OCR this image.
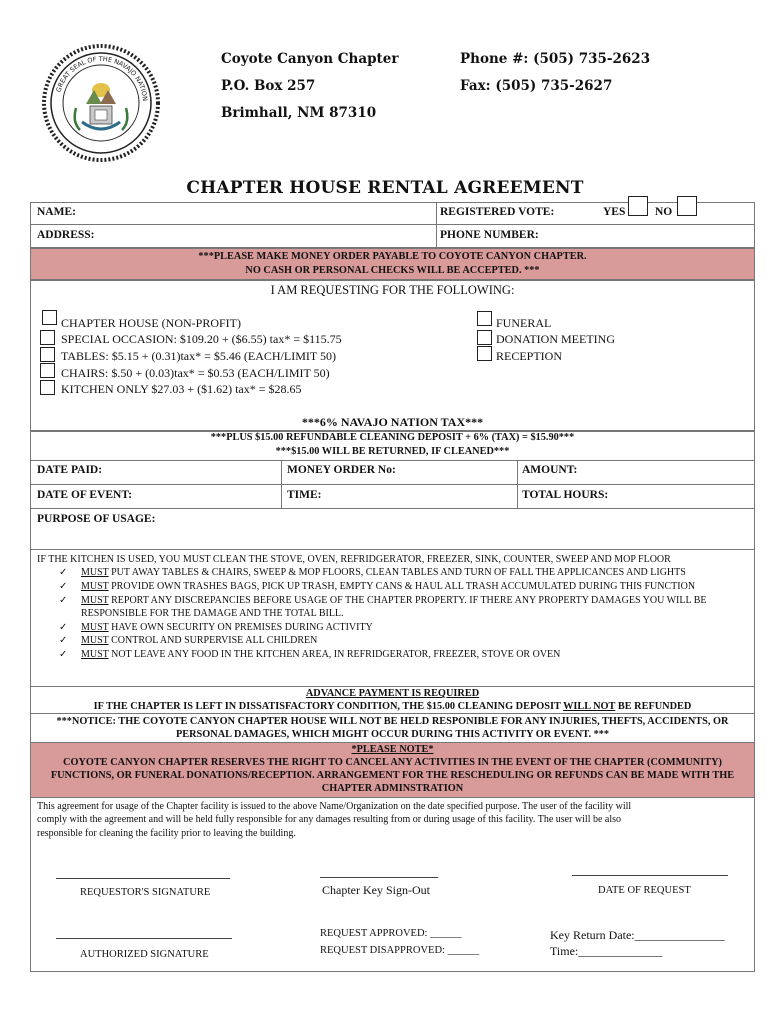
GREAT SEAL OF THE NAVAJO NATION
Coyote Canyon Chapter
P.O. Box 257
Brimhall, NM 87310
Phone #: (505) 735-2623
Fax: (505) 735-2627
CHAPTER HOUSE RENTAL AGREEMENT
NAME:	REGISTERED VOTE:	YES	NO
ADDRESS:	PHONE NUMBER:
***PLEASE MAKE MONEY ORDER PAYABLE TO COYOTE CANYON CHAPTER.
NO CASH OR PERSONAL CHECKS WILL BE ACCEPTED. ***
I AM REQUESTING FOR THE FOLLOWING:
CHAPTER HOUSE (NON-PROFIT)
SPECIAL OCCASION: $109.20 + ($6.55) tax* = $115.75
TABLES: $5.15 + (0.31)tax* = $5.46 (EACH/LIMIT 50)
CHAIRS: $.50 + (0.03)tax* = $0.53 (EACH/LIMIT 50)
KITCHEN ONLY $27.03 + ($1.62) tax* = $28.65
FUNERAL
DONATION MEETING
RECEPTION
***6% NAVAJO NATION TAX***
***PLUS $15.00 REFUNDABLE CLEANING DEPOSIT + 6% (TAX) = $15.90***
***$15.00 WILL BE RETURNED, IF CLEANED***
DATE PAID:	MONEY ORDER No:	AMOUNT:
DATE OF EVENT:	TIME:	TOTAL HOURS:
PURPOSE OF USAGE:
IF THE KITCHEN IS USED, YOU MUST CLEAN THE STOVE, OVEN, REFRIDGERATOR, FREEZER, SINK, COUNTER, SWEEP AND MOP FLOOR
✓ MUST PUT AWAY TABLES & CHAIRS, SWEEP & MOP FLOORS, CLEAN TABLES AND TURN OF FALL THE APPLICANCES AND LIGHTS
✓ MUST PROVIDE OWN TRASHES BAGS, PICK UP TRASH, EMPTY CANS & HAUL ALL TRASH ACCUMULATED DURING THIS FUNCTION
✓ MUST REPORT ANY DISCREPANCIES BEFORE USAGE OF THE CHAPTER PROPERTY. IF THERE ANY PROPERTY DAMAGES YOU WILL BE
RESPONSIBLE FOR THE DAMAGE AND THE TOTAL BILL.
✓ MUST HAVE OWN SECURITY ON PREMISES DURING ACTIVITY
✓ MUST CONTROL AND SURPERVISE ALL CHILDREN
✓ MUST NOT LEAVE ANY FOOD IN THE KITCHEN AREA, IN REFRIDGERATOR, FREEZER, STOVE OR OVEN
ADVANCE PAYMENT IS REQUIRED
IF THE CHAPTER IS LEFT IN DISSATISFACTORY CONDITION, THE $15.00 CLEANING DEPOSIT WILL NOT BE REFUNDED
***NOTICE: THE COYOTE CANYON CHAPTER HOUSE WILL NOT BE HELD RESPONIBLE FOR ANY INJURIES, THEFTS, ACCIDENTS, OR
PERSONAL DAMAGES, WHICH MIGHT OCCUR DURING THIS ACTIVITY OR EVENT. ***
*PLEASE NOTE*
COYOTE CANYON CHAPTER RESERVES THE RIGHT TO CANCEL ANY ACTIVITIES IN THE EVENT OF THE CHAPTER (COMMUNITY)
FUNCTIONS, OR FUNERAL DONATIONS/RECEPTION. ARRANGEMENT FOR THE RESCHEDULING OR REFUNDS CAN BE MADE WITH THE
CHAPTER ADMINSTRATION
This agreement for usage of the Chapter facility is issued to the above Name/Organization on the date specified purpose. The user of the facility will
comply with the agreement and will be held fully responsible for any damages resulting from or during usage of this facility. The user will be also
responsible for cleaning the facility prior to leaving the building.
REQUESTOR'S SIGNATURE	Chapter Key Sign-Out	DATE OF REQUEST
AUTHORIZED SIGNATURE
REQUEST APPROVED: ______
REQUEST DISAPPROVED: ______
Key Return Date:_______________
Time:______________
